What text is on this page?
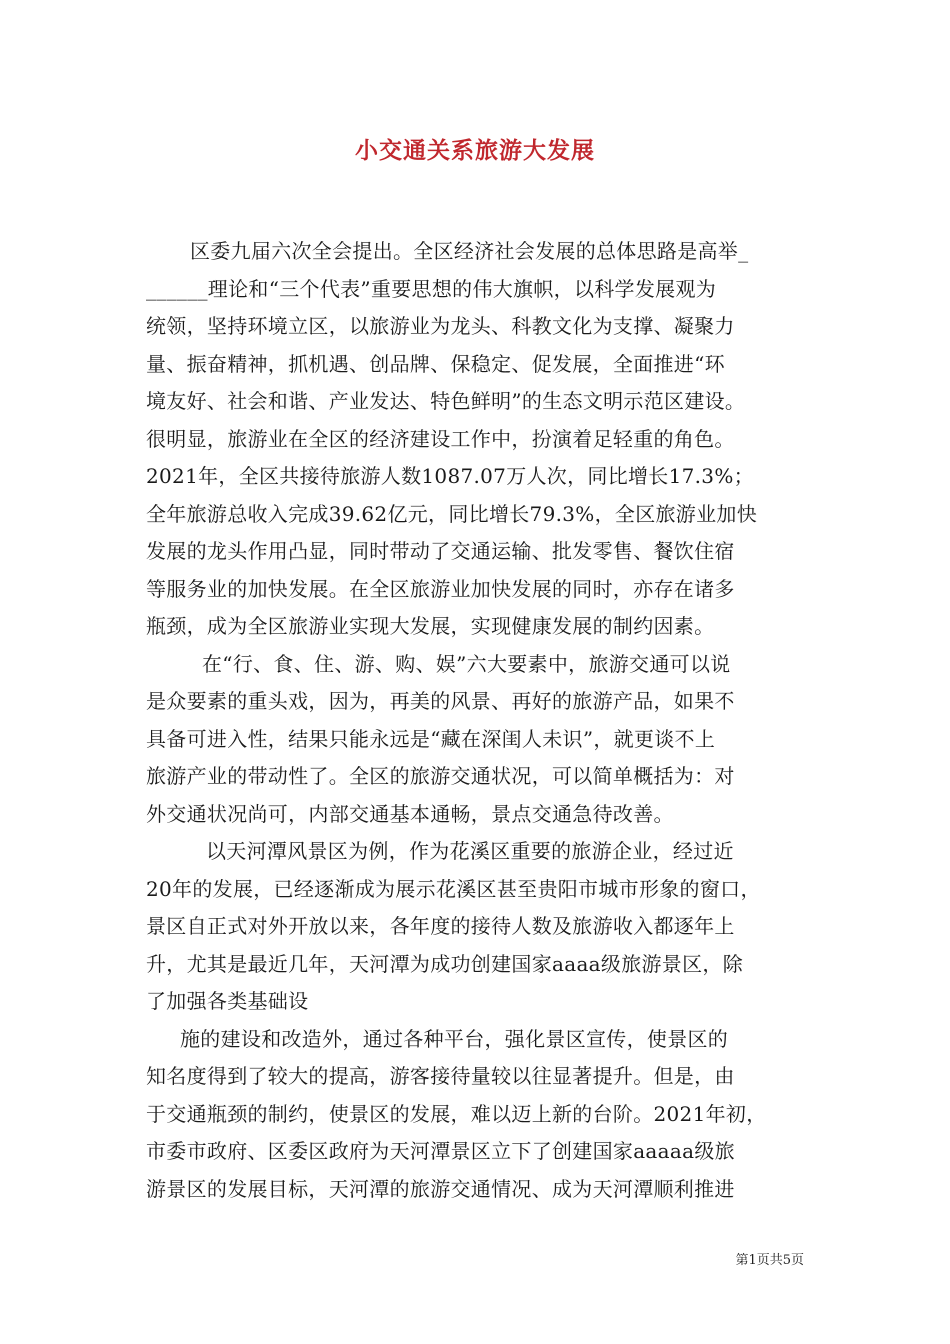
小交通关系旅游大发展
区委九届六次全会提出。全区经济社会发展的总体思路是高举_
______理论和“三个代表”重要思想的伟大旗帜，以科学发展观为
统领，坚持环境立区，以旅游业为龙头、科教文化为支撑、凝聚力
量、振奋精神，抓机遇、创品牌、保稳定、促发展，全面推进“环
境友好、社会和谐、产业发达、特色鲜明”的生态文明示范区建设。
很明显，旅游业在全区的经济建设工作中，扮演着足轻重的角色。
2021年，全区共接待旅游人数1087.07万人次，同比增长17.3%；
全年旅游总收入完成39.62亿元，同比增长79.3%，全区旅游业加快
发展的龙头作用凸显，同时带动了交通运输、批发零售、餐饮住宿
等服务业的加快发展。在全区旅游业加快发展的同时，亦存在诸多
瓶颈，成为全区旅游业实现大发展，实现健康发展的制约因素。
在“行、食、住、游、购、娱”六大要素中，旅游交通可以说
是众要素的重头戏，因为，再美的风景、再好的旅游产品，如果不
具备可进入性，结果只能永远是“藏在深闺人未识”，就更谈不上
旅游产业的带动性了。全区的旅游交通状况，可以简单概括为：对
外交通状况尚可，内部交通基本通畅，景点交通急待改善。
以天河潭风景区为例，作为花溪区重要的旅游企业，经过近
20年的发展，已经逐渐成为展示花溪区甚至贵阳市城市形象的窗口，
景区自正式对外开放以来，各年度的接待人数及旅游收入都逐年上
升，尤其是最近几年，天河潭为成功创建国家aaaa级旅游景区，除
了加强各类基础设
施的建设和改造外，通过各种平台，强化景区宣传，使景区的
知名度得到了较大的提高，游客接待量较以往显著提升。但是，由
于交通瓶颈的制约，使景区的发展，难以迈上新的台阶。2021年初，
市委市政府、区委区政府为天河潭景区立下了创建国家aaaaa级旅
游景区的发展目标，天河潭的旅游交通情况、成为天河潭顺利推进
第1页共5页
